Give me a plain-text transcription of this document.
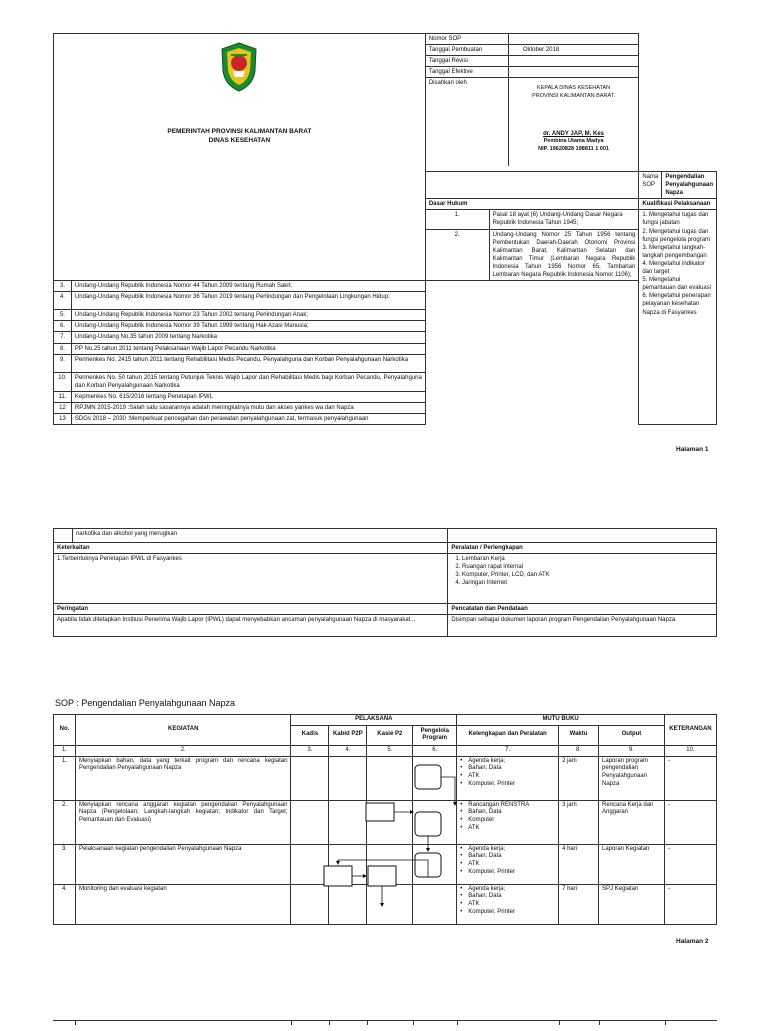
PEMERINTAH PROVINSI KALIMANTAN BARAT
DINAS KESEHATAN

Nomor SOP	
Tanggal Pembuatan	Oktober 2018
Tanggal Revisi	
Tanggal Efektive	
Disahkan oleh	
KEPALA DINAS KESEHATAN
PROVINSI KALIMANTAN BARAT.
dr. ANDY JAP, M. Kes
Pembina Utama Madya
NIP. 19620828 198811 1 001

	Nama SOP	Pengendalian Penyalahgunaan Napza
Dasar Hukum	Kualifikasi Pelaksanaan
1.	Pasal 18 ayat (6) Undang-Undang Dasar Negara Republik Indonesia Tahun 1945;	
1. Mengetahui tugas dan fungsi jabatan
2. Mengetahui tugas dan fungsi pengelola program
3. Mengetahui langkah-langkah pengembangan
4. Mengetahui indikator dan target
5. Mengetahui pemantauan dan evaluasi
6. Mengetahui penerapan pelayanan kesehatan Napza di Fasyankes

2.	Undang-Undang Nomor 25 Tahun 1956 tentang Pembentukan Daerah-Daerah Otonomi Provinsi Kalimantan Barat, Kalimantan Selatan dan Kalimantan Timur (Lembaran Negara Republik Indonesia Tahun 1956 Nomor 65, Tambahan Lembaran Negara Republik Indonesia Nomor 1106);
3.	Undang-Undang Republik Indonesia Nomor 44 Tahun 2009 tentang Rumah Sakit;
4.	Undang-Undang Republik Indonesia Nomor 36 Tahun 2019 tentang Perlindungan dan Pengelolaan Lingkungan Hidup;
5.	Undang-Undang Republik Indonesia Nomor 23 Tahun 2002 tentang Perlindungan Anak;
6.	Undang-Undang Republik Indonesia Nomor 39 Tahun 1999 tentang Hak Azasi Manusia;
7.	Undang-Undang No.35 tahun 2009 tentang Narkotika
8.	PP No.25 tahun 2011 tentang Pelaksanaan Wajib Lapor Pecandu Narkotika
9.	Permenkes No. 2415 tahun 2011 tentang Rehabilitasi Medis Pecandu, Penyalahguna dan Korban Penyalahgunaan Narkotika
10.	Permenkes No. 50 tahun 2015 tentang Petunjuk Teknis Wajib Lapor dan Rehabilitasi Medis bagi Korban Pecandu, Penyalahguna dan Korban Penyalahgunaan Narkotika
11.	Kepmenkes No. 615/2016 tentang Penetapan IPWL
12	RPJMN 2015-2019 :Salah satu sasarannya adalah meningkatnya mutu dan akses yankes wa dan Napza
13	SDGs 2018 – 2030 :Memperkuat pencegahan dan perawatan penyalahgunaan zat, termasuk penyalahgunaan
Halaman 1
	narkotika dan alkohol yang merugikan	
Keterkaitan		Peralatan / Perlengkapan
1.Terbentuknya Penetapan IPWL di Fasyankes		1. Lembaran Kerja
2. Ruangan rapat internal
3. Komputer, Printer, LCD, dan ATK
4. Jaringan Internet

Peringatan		Pencatatan dan Pendataan
Apabila tidak ditetapkan Institusi Penerima Wajib Lapor (IPWL) dapat menyebabkan ancaman penyalahgunaan Napza di masyarakat ..		Disimpan sebagai dokumen laporan program Pengendalian Penyalahgunaan Napza
SOP : Pengendalian Penyalahgunaan Napza
No.	KEGIATAN	PELAKSANA				MUTU BUKU			KETERANGAN
		Kadis	Kabid P2P	Kasie P2	Pengelola Program	Kelengkapan dan Peralatan	Waktu	Output	
1.	2.	3.	4.	5.	6.	7.	8.	9.	10.
1.	Menyiapkan bahan, data yang terkait program dan rencana kegiatan Pengendalian Penyalahgunaan Napza					• Agenda kerja;
• Bahan, Data
• ATK
• Komputer, Printer	2 jam	Laporan program pengendalian Penyalahgunaan Napza	-
2.	Menyiapkan rencana anggaran kegiatan pengendalian Penyalahgunaan Napza (Pengelolaan; Langkah-langkah kegiatan; Indikator dan Target; Pemantauan dan Evaluasi)					• Rancangan RENSTRA
• Bahan, Data
• Komputer
• ATK	3 jam	Rencana Kerja dan Anggaran	-
3.	Pelaksanaan kegiatan pengendalian Penyalahgunaan Napza					• Agenda kerja;
• Bahan, Data
• ATK
• Komputer, Printer	4 hari	Laporan Kegiatan	-
4.	Monitoring dan evaluasi kegiatan					• Agenda kerja;
• Bahan, Data
• ATK
• Komputer, Printer	7 hari	SPJ Kegiatan	-
Halaman 2
